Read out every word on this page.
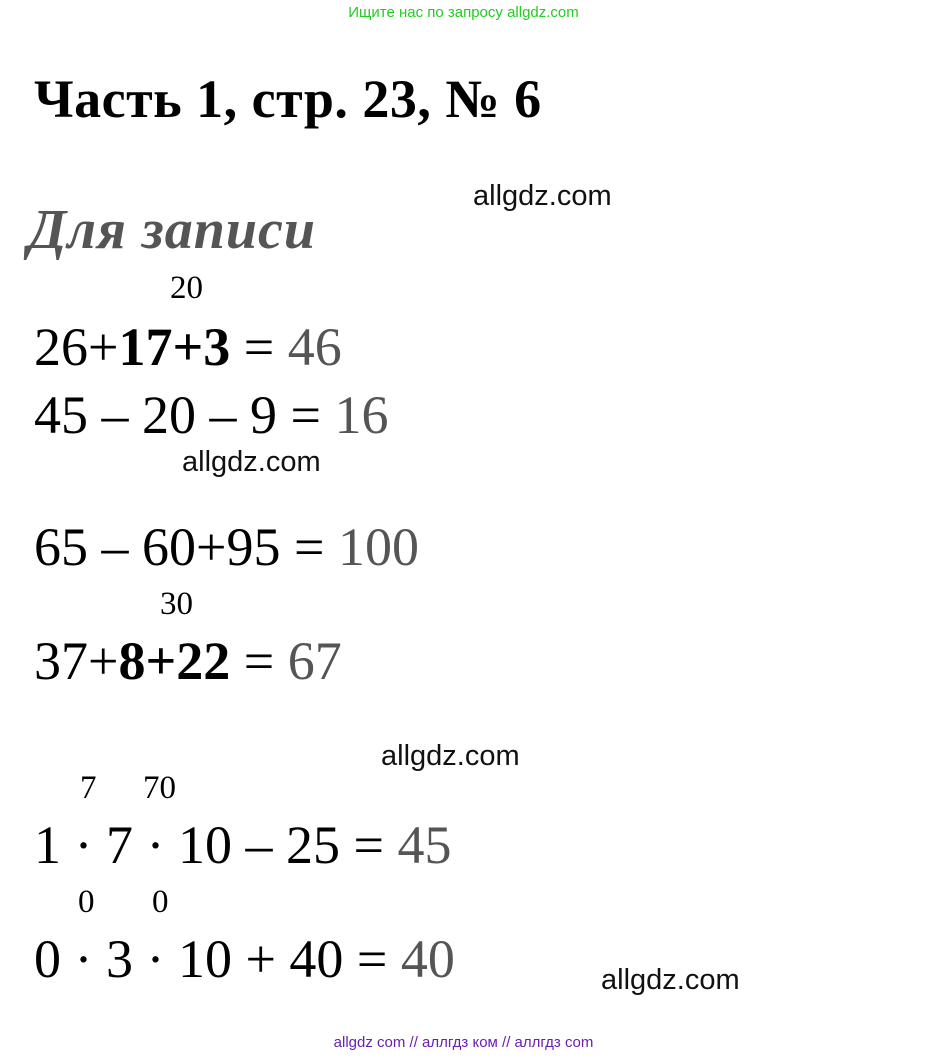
Ищите нас по запросу allgdz.com
Часть 1, стр. 23, № 6
allgdz.com
Для записи
20
26+17+3 = 46
45 – 20 – 9 = 16
allgdz.com
65 – 60+95 = 100
30
37+8+22 = 67
allgdz.com
7 70
1 · 7 · 10 – 25 = 45
0 0
0 · 3 · 10 + 40 = 40	allgdz.com
allgdz com // аллгдз ком // аллгдз com
